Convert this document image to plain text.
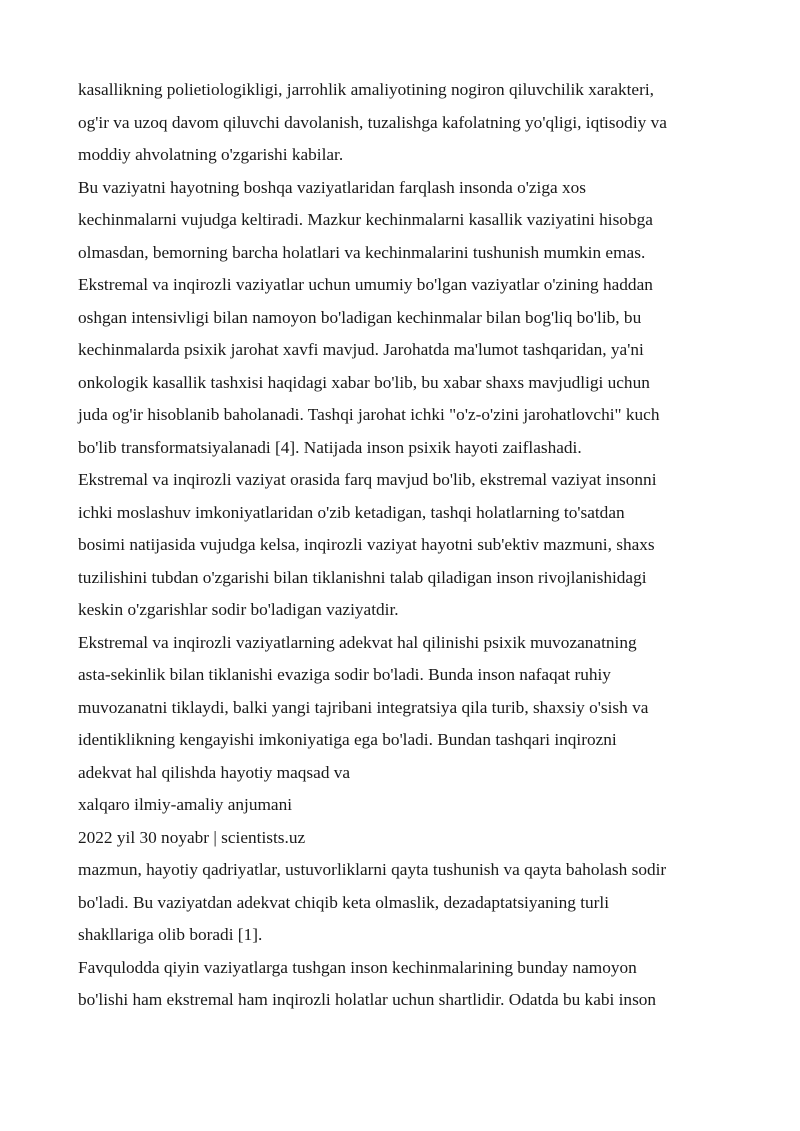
kasallikning polietiologikligi, jarrohlik amaliyotining nogiron qiluvchilik xarakteri,
og'ir va uzoq davom qiluvchi davolanish, tuzalishga kafolatning yo'qligi, iqtisodiy va
moddiy ahvolatning o'zgarishi kabilar.
Bu vaziyatni hayotning boshqa vaziyatlaridan farqlash insonda o'ziga xos
kechinmalarni vujudga keltiradi. Mazkur kechinmalarni kasallik vaziyatini hisobga
olmasdan, bemorning barcha holatlari va kechinmalarini tushunish mumkin emas.
Ekstremal va inqirozli vaziyatlar uchun umumiy bo'lgan vaziyatlar o'zining haddan
oshgan intensivligi bilan namoyon bo'ladigan kechinmalar bilan bog'liq bo'lib, bu
kechinmalarda psixik jarohat xavfi mavjud. Jarohatda ma'lumot tashqaridan, ya'ni
onkologik kasallik tashxisi haqidagi xabar bo'lib, bu xabar shaxs mavjudligi uchun
juda og'ir hisoblanib baholanadi. Tashqi jarohat ichki "o'z-o'zini jarohatlovchi" kuch
bo'lib transformatsiyalanadi [4]. Natijada inson psixik hayoti zaiflashadi.
Ekstremal va inqirozli vaziyat orasida farq mavjud bo'lib, ekstremal vaziyat insonni
ichki moslashuv imkoniyatlaridan o'zib ketadigan, tashqi holatlarning to'satdan
bosimi natijasida vujudga kelsa, inqirozli vaziyat hayotni sub'ektiv mazmuni, shaxs
tuzilishini tubdan o'zgarishi bilan tiklanishni talab qiladigan inson rivojlanishidagi
keskin o'zgarishlar sodir bo'ladigan vaziyatdir.
Ekstremal va inqirozli vaziyatlarning adekvat hal qilinishi psixik muvozanatning
asta-sekinlik bilan tiklanishi evaziga sodir bo'ladi. Bunda inson nafaqat ruhiy
muvozanatni tiklaydi, balki yangi tajribani integratsiya qila turib, shaxsiy o'sish va
identiklikning kengayishi imkoniyatiga ega bo'ladi. Bundan tashqari inqirozni
adekvat hal qilishda hayotiy maqsad va
xalqaro ilmiy-amaliy anjumani
2022 yil 30 noyabr | scientists.uz
mazmun, hayotiy qadriyatlar, ustuvorliklarni qayta tushunish va qayta baholash sodir
bo'ladi. Bu vaziyatdan adekvat chiqib keta olmaslik, dezadaptatsiyaning turli
shakllariga olib boradi [1].
Favqulodda qiyin vaziyatlarga tushgan inson kechinmalarining bunday namoyon
bo'lishi ham ekstremal ham inqirozli holatlar uchun shartlidir. Odatda bu kabi inson
